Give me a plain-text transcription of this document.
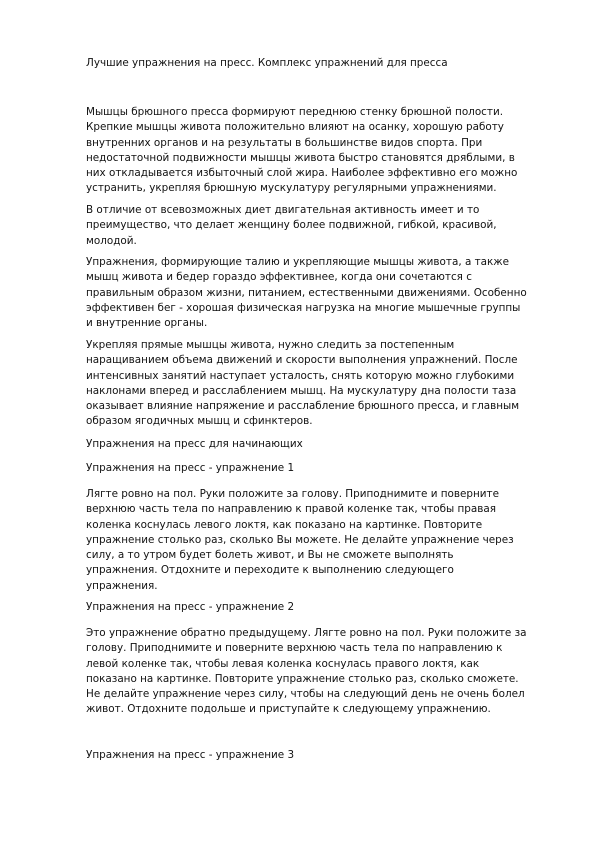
Лучшие упражнения на пресс. Комплекс упражнений для пресса

Мышцы брюшного пресса формируют переднюю стенку брюшной полости.
Крепкие мышцы живота положительно влияют на осанку, хорошую работу
внутренних органов и на результаты в большинстве видов спорта. При
недостаточной подвижности мышцы живота быстро становятся дряблыми, в
них откладывается избыточный слой жира. Наиболее эффективно его можно
устранить, укрепляя брюшную мускулатуру регулярными упражнениями.

В отличие от всевозможных диет двигательная активность имеет и то
преимущество, что делает женщину более подвижной, гибкой, красивой,
молодой.

Упражнения, формирующие талию и укрепляющие мышцы живота, а также
мышц живота и бедер гораздо эффективнее, когда они сочетаются с
правильным образом жизни, питанием, естественными движениями. Особенно
эффективен бег - хорошая физическая нагрузка на многие мышечные группы
и внутренние органы.

Укрепляя прямые мышцы живота, нужно следить за постепенным
наращиванием объема движений и скорости выполнения упражнений. После
интенсивных занятий наступает усталость, снять которую можно глубокими
наклонами вперед и расслаблением мышц. На мускулатуру дна полости таза
оказывает влияние напряжение и расслабление брюшного пресса, и главным
образом ягодичных мышц и сфинктеров.

Упражнения на пресс для начинающих

Упражнения на пресс - упражнение 1

Лягте ровно на пол. Руки положите за голову. Приподнимите и поверните
верхнюю часть тела по направлению к правой коленке так, чтобы правая
коленка коснулась левого локтя, как показано на картинке. Повторите
упражнение столько раз, сколько Вы можете. Не делайте упражнение через
силу, а то утром будет болеть живот, и Вы не сможете выполнять
упражнения. Отдохните и переходите к выполнению следующего
упражнения.

Упражнения на пресс - упражнение 2

Это упражнение обратно предыдущему. Лягте ровно на пол. Руки положите за
голову. Приподнимите и поверните верхнюю часть тела по направлению к
левой коленке так, чтобы левая коленка коснулась правого локтя, как
показано на картинке. Повторите упражнение столько раз, сколько сможете.
Не делайте упражнение через силу, чтобы на следующий день не очень болел
живот. Отдохните подольше и приступайте к следующему упражнению.

Упражнения на пресс - упражнение 3
